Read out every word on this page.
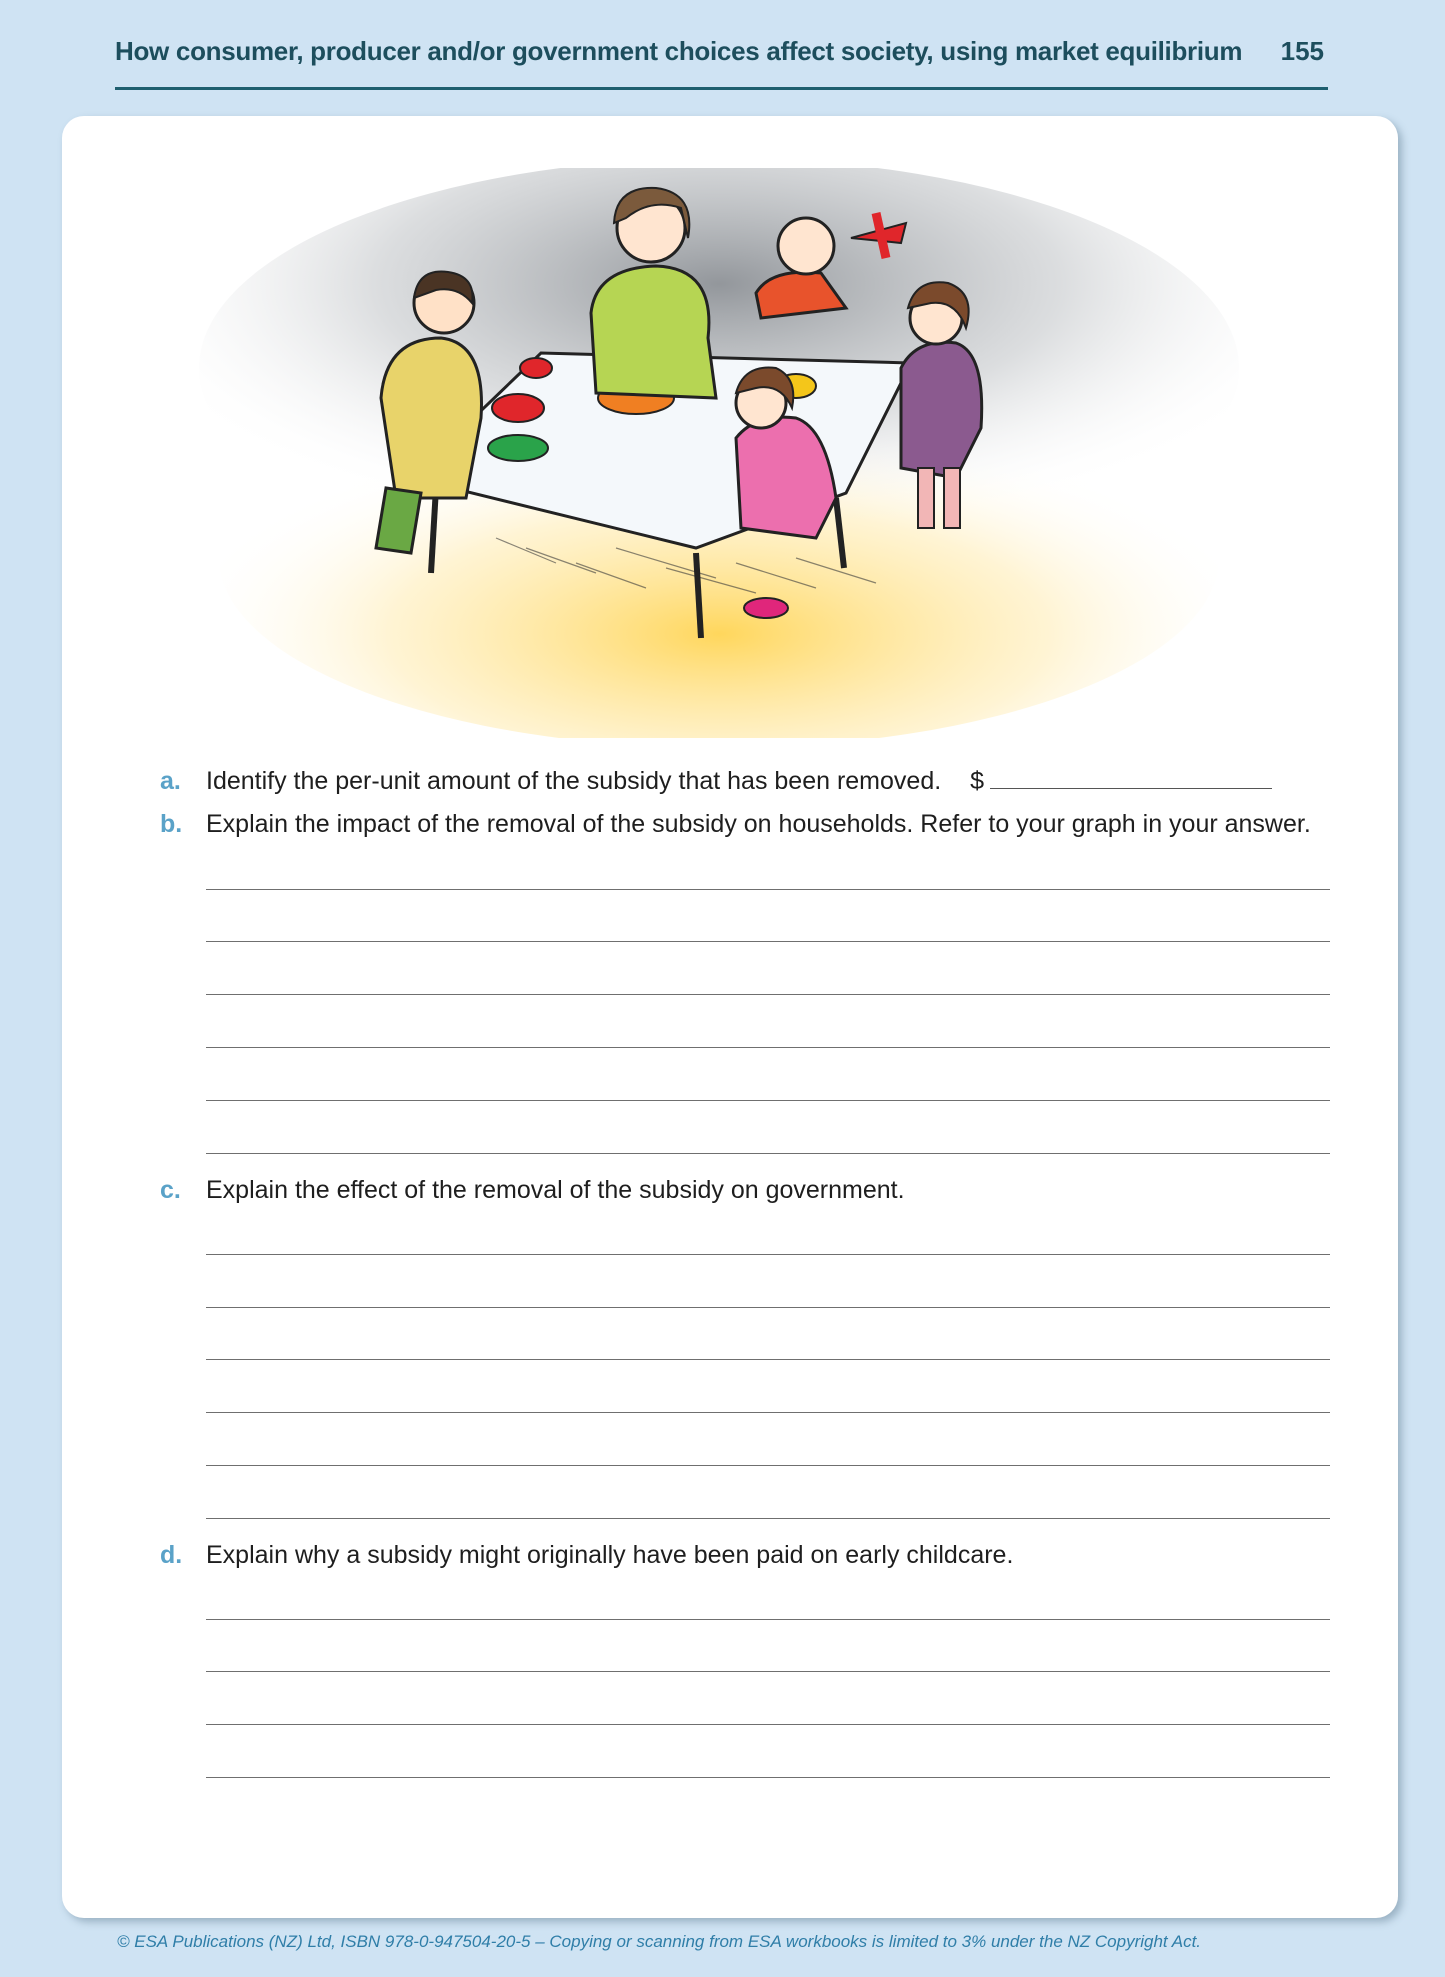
How consumer, producer and/or government choices affect society, using market equilibrium 155
a. Identify the per-unit amount of the subsidy that has been removed. $
b. Explain the impact of the removal of the subsidy on households. Refer to your graph in your answer.
c. Explain the effect of the removal of the subsidy on government.
d. Explain why a subsidy might originally have been paid on early childcare.
© ESA Publications (NZ) Ltd, ISBN 978-0-947504-20-5 – Copying or scanning from ESA workbooks is limited to 3% under the NZ Copyright Act.
